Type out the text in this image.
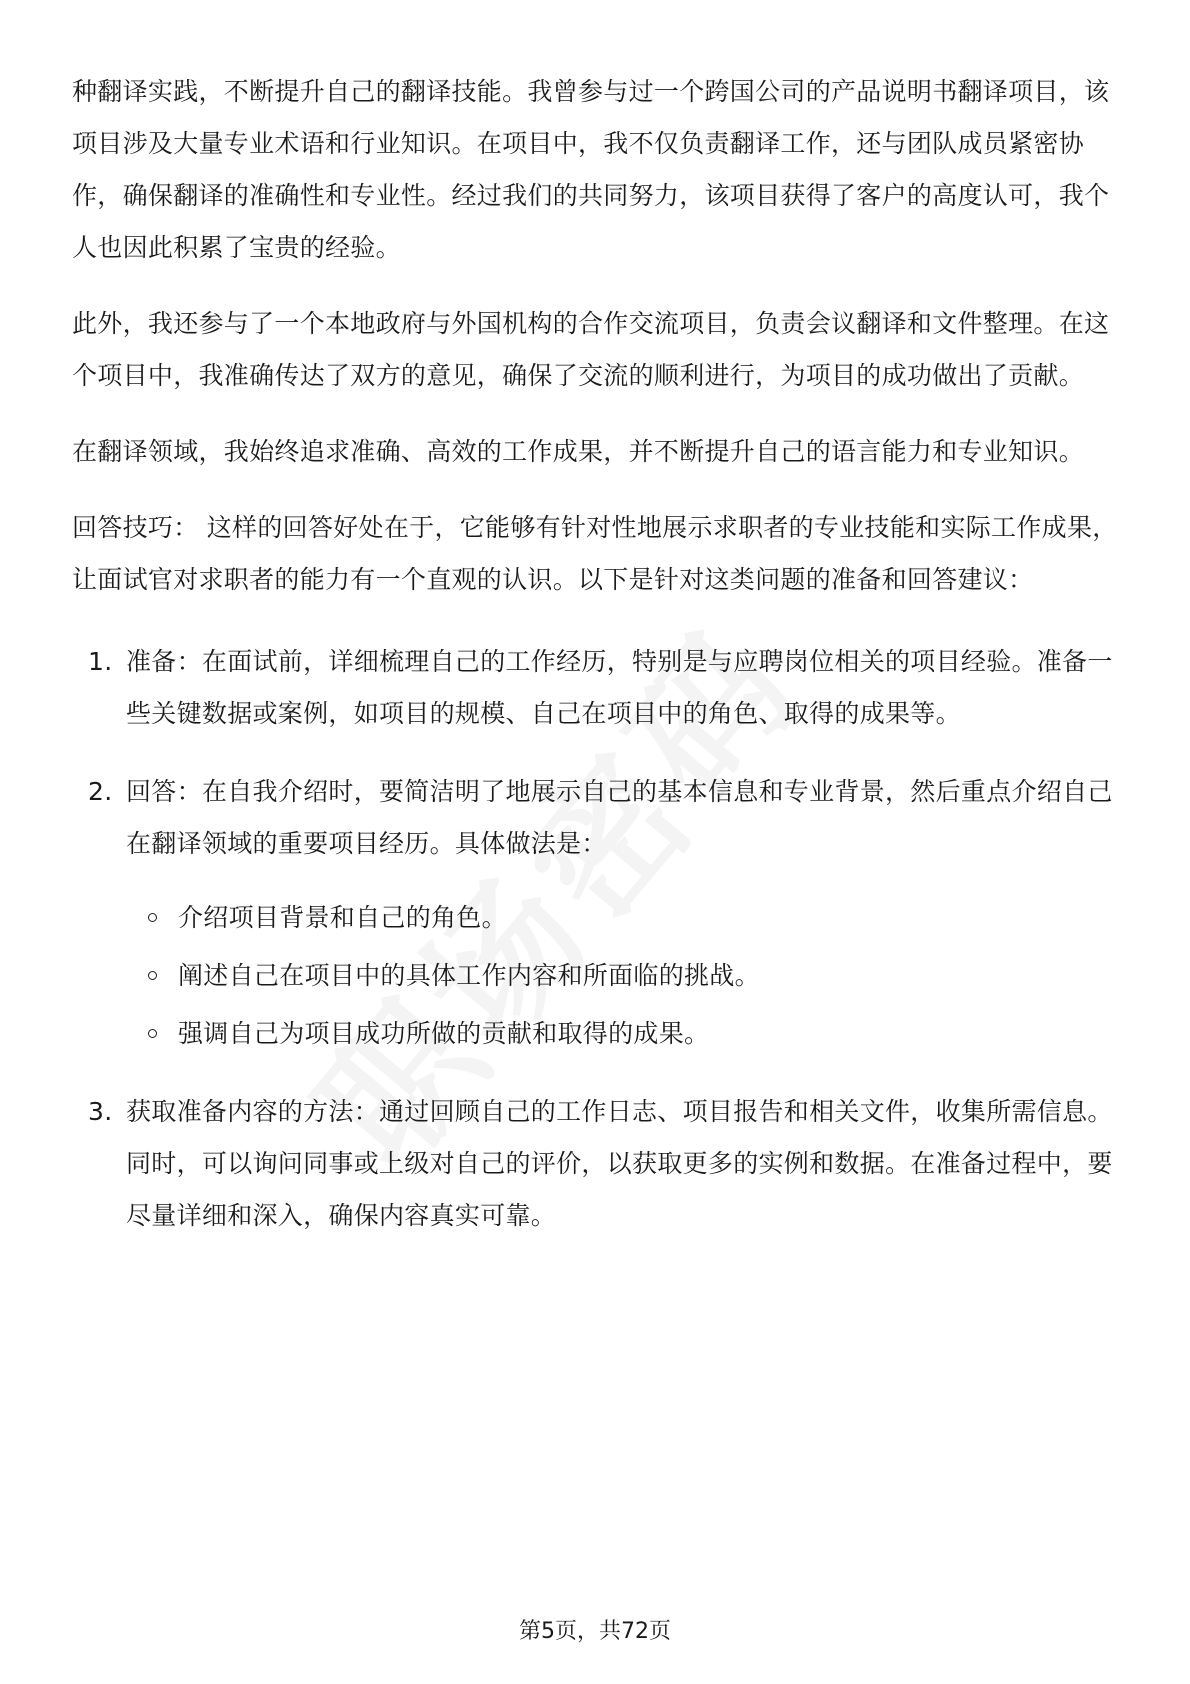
种翻译实践，不断提升自己的翻译技能。我曾参与过一个跨国公司的产品说明书翻译项目，该项目涉及大量专业术语和行业知识。在项目中，我不仅负责翻译工作，还与团队成员紧密协作，确保翻译的准确性和专业性。经过我们的共同努力，该项目获得了客户的高度认可，我个人也因此积累了宝贵的经验。

此外，我还参与了一个本地政府与外国机构的合作交流项目，负责会议翻译和文件整理。在这个项目中，我准确传达了双方的意见，确保了交流的顺利进行，为项目的成功做出了贡献。

在翻译领域，我始终追求准确、高效的工作成果，并不断提升自己的语言能力和专业知识。

回答技巧： 这样的回答好处在于，它能够有针对性地展示求职者的专业技能和实际工作成果，让面试官对求职者的能力有一个直观的认识。以下是针对这类问题的准备和回答建议：

1. 准备：在面试前，详细梳理自己的工作经历，特别是与应聘岗位相关的项目经验。准备一些关键数据或案例，如项目的规模、自己在项目中的角色、取得的成果等。
2. 回答：在自我介绍时，要简洁明了地展示自己的基本信息和专业背景，然后重点介绍自己在翻译领域的重要项目经历。具体做法是：
介绍项目背景和自己的角色。
阐述自己在项目中的具体工作内容和所面临的挑战。
强调自己为项目成功所做的贡献和取得的成果。
3. 获取准备内容的方法：通过回顾自己的工作日志、项目报告和相关文件，收集所需信息。同时，可以询问同事或上级对自己的评价，以获取更多的实例和数据。在准备过程中，要尽量详细和深入，确保内容真实可靠。
第5页，共72页
